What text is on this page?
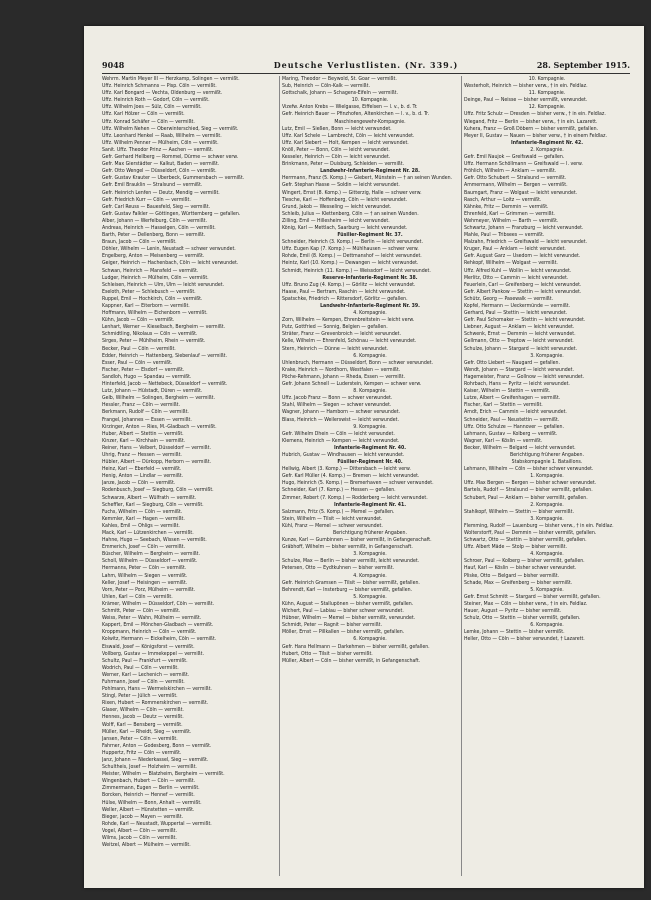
9048	Deutsche Verlustlisten. (Nr. 339.)	28. September 1915.
Wehrm. Martin Meyer III — Herzkamp, Solingen — vermißt.
Uffz. Heinrich Schmanns — Pisp. Cöln — vermißt.
Uffz. Karl Bongard — Vechta, Oldenburg — vermißt.
Uffz. Heinrich Roth — Godorf, Cöln — vermißt.
Uffz. Wilhelm Joes — Sülz, Cöln — vermißt.
Uffz. Karl Hölzer — Cöln — vermißt.
Uffz. Konrad Schäfer — Cöln — vermißt.
Uffz. Wilhelm Nehen — Oberwinterschied, Sieg — vermißt.
Uffz. Leonhard Henkel — Raab, Wilhelm — vermißt.
Uffz. Wilhelm Penner — Mülheim, Cöln — vermißt.
Sanit. Uffz. Theodor Prinz — Aachen — vermißt.
Gefr. Gerhard Hellberg — Rommel, Dürme — schwer verw.
Gefr. Max Gierstädter — Kalkut, Baden — vermißt.
Gefr. Otto Wengel — Düsseldorf, Cöln — vermißt.
Gefr. Gustav Krauter — Überbeck, Gummersbach — vermißt.
Gefr. Emil Brauklin — Stralsund — vermißt.
Gefr. Heinrich Lenfen — Deutz, Mendig — vermißt.
Gefr. Friedrich Kurr — Cöln — vermißt.
Gefr. Carl Reuss — Bauesfeld, Sieg — vermißt.
Gefr. Gustav Falkler — Göttingen, Württemberg — gefallen.
Alber, Johann — Werfelburg, Cöln — vermißt.
Andreas, Heinrich — Hasselgen, Cöln — vermißt.
Barth, Peter — Dellenberg, Bonn — vermißt.
Braun, Jacob — Cöln — vermißt.
Döhler, Wilhelm — Lenin, Neustadt — schwer verwundet.
Engelberg, Anton — Meisenberg — vermißt.
Geiger, Heinrich — Hachenbach, Cöln — leicht verwundet.
Schwan, Heinrich — Mansfeld — vermißt.
Ludger, Heinrich — Mülheim, Cöln — vermißt.
Schleisen, Heinrich — Ulm, Ulm — leicht verwundet.
Eseloth, Peter — Schlebusch — vermißt.
Ruppel, Emil — Hochkirch, Cöln — vermißt.
Kappner, Karl — Eiterborn — vermißt.
Hoffmann, Wilhelm — Eichenborn — vermißt.
Kühn, Jacob — Cöln — vermißt.
Lenhart, Werner — Kieselbach, Bergheim — vermißt.
Schmidtling, Nikolaus — Cöln — vermißt.
Sirges, Peter — Mühlheim, Rhein — vermißt.
Becker, Paul — Cöln — vermißt.
Edder, Heinrich — Hattenberg, Siebenlauf — vermißt.
Esser, Paul — Cöln — vermißt.
Fischer, Peter — Elsdorf — vermißt.
Sandloh, Hugo — Spandau — vermißt.
Hinterfeld, Jacob — Nettebeck, Düsseldorf — vermißt.
Lutz, Johann — Hülstadt, Düren — vermißt.
Gelb, Wilhelm — Solingen, Bergheim — vermißt.
Hessler, Franz — Cöln — vermißt.
Berkmann, Rudolf — Cöln — vermißt.
Frangel, Johannes — Essen — vermißt.
Kirzinger, Anton — Ries, M.-Gladbach — vermißt.
Huber, Albert — Stettin — vermißt.
Kinzer, Karl — Kirchhain — vermißt.
Reiner, Hans — Velbert, Düsseldorf — vermißt.
Uhrig, Franz — Hessen — vermißt.
Hübler, Albert — Dürkopp, Herborn — vermißt.
Heinz, Karl — Eberfeld — vermißt.
Henig, Anton — Lindlar — vermißt.
Janze, Jacob — Cöln — vermißt.
Rodenbusch, Josef — Siegburg, Cöln — vermißt.
Schwarze, Albert — Wülfrath — vermißt.
Scheffler, Karl — Siegburg, Cöln — vermißt.
Fuchs, Wilhelm — Cöln — vermißt.
Kemmler, Karl — Hagen — vermißt.
Kahles, Emil — Ohligs — vermißt.
Mack, Karl — Lützenkirchen — vermißt.
Hahne, Hugo — Seebach, Wissen — vermißt.
Emmerich, Josef — Cöln — vermißt.
Büscher, Wilhelm — Bergheim — vermißt.
Scholl, Wilhelm — Düsseldorf — vermißt.
Hermanns, Peter — Cöln — vermißt.
Lahm, Wilhelm — Siegen — vermißt.
Keller, Josef — Heisingen — vermißt.
Vorn, Peter — Porz, Mülheim — vermißt.
Uhlen, Karl — Cöln — vermißt.
Krämer, Wilhelm — Düsseldorf, Cöln — vermißt.
Schmitt, Peter — Cöln — vermißt.
Weiss, Peter — Wahn, Mülheim — vermißt.
Kappert, Emil — Mönchen-Gladbach — vermißt.
Kroppmann, Heinrich — Cöln — vermißt.
Kolwitz, Hermann — Eickelheim, Cöln — vermißt.
Eiswald, Josef — Königsforst — vermißt.
Vollberg, Gustav — Immekeppel — vermißt.
Schultz, Paul — Frankfurt — vermißt.
Wodrich, Paul — Cöln — vermißt.
Werner, Karl — Lechenich — vermißt.
Fuhrmann, Josef — Cöln — vermißt.
Pohlmann, Hans — Wermelskirchen — vermißt.
Stingl, Peter — Jülich — vermißt.
Rixen, Hubert — Rommerskirchen — vermißt.
Glaser, Wilhelm — Cöln — vermißt.
Hennes, Jacob — Deutz — vermißt.
Wolff, Karl — Bensberg — vermißt.
Müller, Karl — Rheidt, Sieg — vermißt.
Jansen, Peter — Cöln — vermißt.
Fahrner, Anton — Godesberg, Bonn — vermißt.
Huppertz, Fritz — Cöln — vermißt.
Janz, Johann — Niederkassel, Sieg — vermißt.
Schultheis, Josef — Holzheim — vermißt.
Meister, Wilhelm — Blatzheim, Bergheim — vermißt.
Wingenbach, Hubert — Cöln — vermißt.
Zimmermann, Eugen — Berlin — vermißt.
Borcken, Heinrich — Hennef — vermißt.
Hülse, Wilhelm — Bonn, Anhalt — vermißt.
Weller, Albert — Hünstetten — vermißt.
Bieger, Jacob — Mayen — vermißt.
Rohde, Karl — Neustadt, Wuppertal — vermißt.
Vogel, Albert — Cöln — vermißt.
Wilms, Jacob — Cöln — vermißt.
Weitzel, Albert — Mülheim — vermißt.
Maring, Theodor — Beywold, St. Goar — vermißt.
Sub, Heinrich — Cöln-Kalk — vermißt.
Gottschalk, Johann — Schagens-Eifeln — vermißt.
10. Kompagnie.
Vizefw. Anton Krebs — Wielgasse, Eiffelsen — l. v., b. d. Tr.
Gefr. Heinrich Bauer — Pfinzhofen, Altenkirchen — l. v., b. d. Tr.
Maschinengewehr-Kompagnie.
Lutz, Emil — Sießen, Bonn — leicht verwundet.
Uffz. Karl Schele — Lambrecht, Cöln — leicht verwundet.
Uffz. Karl Siebert — Holt, Kempen — leicht verwundet.
Knöll, Peter — Bonn, Cöln — leicht verwundet.
Kesseler, Heinrich — Cöln — leicht verwundet.
Brinkmann, Peter — Duisburg, Schleiden — vermißt.
Landwehr-Infanterie-Regiment Nr. 28.
Herrmann, Franz (5. Komp.) — Giebert, Münstein — † an seinen Wunden.
Gefr. Stephan Hasse — Soldin — leicht verwundet.
Wingert, Ernst (8. Komp.) — Gitterzig, Halle — schwer verw.
Tiesche, Karl — Hoffenberg, Cöln — leicht verwundet.
Grund, Jakob — Wesseling — leicht verwundet.
Schleib, Julius — Klettenberg, Cöln — † an seinen Wunden.
Zilling, Emil — Hillesheim — leicht verwundet.
König, Karl — Mettlach, Saarburg — leicht verwundet.
Füsilier-Regiment Nr. 37.
Schneider, Heinrich (3. Komp.) — Berlin — leicht verwundet.
Uffz. Eugen Kap (7. Komp.) — Mühlhausen — schwer verw.
Rohde, Emil (8. Komp.) — Dettmanshof — leicht verwundet.
Heintz, Karl (10. Komp.) — Dewangen — leicht verwundet.
Schmidt, Heinrich (11. Komp.) — Weissdorf — leicht verwundet.
Reserve-Infanterie-Regiment Nr. 38.
Uffz. Bruno Zug (4. Komp.) — Görlitz — leicht verwundet.
Haase, Paul — Bertram, Raschin — leicht verwundet.
Spatschke, Friedrich — Rittersdorf, Görlitz — gefallen.
Landwehr-Infanterie-Regiment Nr. 39.
4. Kompagnie.
Zorn, Wilhelm — Kempen, Ehrenbreitstein — leicht verw.
Putz, Gottfried — Sonnig, Belgien — gefallen.
Sträter, Franz — Grevenbroich — leicht verwundet.
Kelle, Wilhelm — Ehrenfeld, Schönau — leicht verwundet.
Stern, Heinrich — Dünne — leicht verwundet.
6. Kompagnie.
Uhlenbruch, Hermann — Düsseldorf, Bonn — schwer verwundet.
Krake, Heinrich — Nordhorn, Westfalen — vermißt.
Pöche-Rehmann, Johann — Rheda, Essen — vermißt.
Gefr. Johann Schnell — Luderstein, Kempen — schwer verw.
8. Kompagnie.
Uffz. Jacob Franz — Bonn — schwer verwundet.
Stahl, Wilhelm — Siegen — schwer verwundet.
Wagner, Johann — Hamborn — schwer verwundet.
Blass, Heinrich — Weilerswist — leicht verwundet.
9. Kompagnie.
Gefr. Wilhelm Dhein — Cöln — leicht verwundet.
Klemens, Heinrich — Kempen — leicht verwundet.
Infanterie-Regiment Nr. 40.
Hubrich, Gustav — Windhausen — leicht verwundet.
Füsilier-Regiment Nr. 40.
Hellwig, Albert (3. Komp.) — Dittersbach — leicht verw.
Gefr. Karl Müller (4. Komp.) — Bremen — leicht verwundet.
Hugo, Heinrich (5. Komp.) — Bremerhaven — schwer verwundet.
Schneider, Karl (7. Komp.) — Hessen — gefallen.
Zimmer, Robert (7. Komp.) — Rodderberg — leicht verwundet.
Infanterie-Regiment Nr. 41.
Salzmann, Fritz (5. Komp.) — Memel — gefallen.
Stein, Wilhelm — Tilsit — leicht verwundet.
Kühl, Franz — Memel — schwer verwundet.
Berichtigung früherer Angaben.
Kunze, Karl — Gumbinnen — bisher vermißt, in Gefangenschaft.
Gräbhoff, Wilhelm — bisher vermißt, in Gefangenschaft.
3. Kompagnie.
Schulze, Max — Berlin — bisher vermißt, leicht verwundet.
Petersen, Otto — Eydtkuhnen — bisher vermißt.
4. Kompagnie.
Gefr. Heinrich Gramsen — Tilsit — bisher vermißt, gefallen.
Behrendt, Karl — Insterburg — bisher vermißt, gefallen.
5. Kompagnie.
Kühn, August — Stallupönen — bisher vermißt, gefallen.
Wichert, Paul — Labiau — bisher schwer verwundet.
Hübner, Wilhelm — Memel — bisher vermißt, verwundet.
Schmidt, Peter — Ragnit — bisher vermißt.
Möller, Ernst — Pillkallen — bisher vermißt, gefallen.
6. Kompagnie.
Gefr. Hans Hellmann — Darkehmen — bisher vermißt, gefallen.
Hubert, Otto — Tilsit — bisher vermißt.
Müller, Albert — Cöln — bisher vermißt, in Gefangenschaft.
10. Kompagnie.
Westerholt, Heinrich — bisher verw., † in ein. Feldlaz.
11. Kompagnie.
Deinge, Paul — Neisse — bisher vermißt, verwundet.
12. Kompagnie.
Uffz. Fritz Schulz — Dresden — bisher verw., † in ein. Feldlaz.
Wiegand, Fritz — Berlin — bisher verw., † in ein. Lazarett.
Kuhera, Franz — Groß Döbern — bisher vermißt, gefallen.
Meyer II, Gustav — Nauen — bisher verw., † in einem Feldlaz.
Infanterie-Regiment Nr. 42.
2. Kompagnie.
Gefr. Emil Naujok — Greifswald — gefallen.
Uffz. Hermann Schöllmann — Greifswald — l. verw.
Fröhlich, Wilhelm — Anklam — vermißt.
Gefr. Otto Schubert — Stralsund — vermißt.
Ammermann, Wilhelm — Bergen — vermißt.
Baumgart, Franz — Wolgast — leicht verwundet.
Rasch, Arthur — Loitz — vermißt.
Kähnke, Fritz — Demmin — vermißt.
Ehrenfeld, Karl — Grimmen — vermißt.
Wehmeyer, Wilhelm — Barth — vermißt.
Schwartz, Johann — Franzburg — leicht verwundet.
Mahle, Paul — Tribsees — vermißt.
Malzahn, Friedrich — Greifswald — leicht verwundet.
Kruger, Paul — Anklam — leicht verwundet.
Gefr. August Garz — Usedom — leicht verwundet.
Rehkopf, Wilhelm — Wolgast — vermißt.
Uffz. Alfred Kuhl — Wollin — leicht verwundet.
Merlitz, Otto — Cammin — leicht verwundet.
Feuerlein, Carl — Greifenberg — leicht verwundet.
Gefr. Albert Pankow — Stettin — leicht verwundet.
Schütz, Georg — Pasewalk — vermißt.
Kopfel, Hermann — Ueckermünde — vermißt.
Gerhard, Paul — Stettin — leicht verwundet.
Gefr. Paul Schomaker — Stettin — leicht verwundet.
Liebner, August — Anklam — leicht verwundet.
Schwenk, Ernst — Demmin — leicht verwundet.
Gellmann, Otto — Treptow — leicht verwundet.
Schulze, Johann — Stargard — leicht verwundet.
3. Kompagnie.
Gefr. Otto Liebert — Naugard — gefallen.
Wendt, Johann — Stargard — leicht verwundet.
Hagemeister, Franz — Gollnow — leicht verwundet.
Rohrbach, Hans — Pyritz — leicht verwundet.
Kaiser, Wilhelm — Stettin — vermißt.
Lutze, Albert — Greifenhagen — vermißt.
Fischer, Karl — Stettin — vermißt.
Arndt, Erich — Cammin — leicht verwundet.
Schneider, Paul — Neustettin — vermißt.
Uffz. Otto Schulze — Hannover — gefallen.
Lehmann, Gustav — Kolberg — vermißt.
Wagner, Karl — Köslin — vermißt.
Becker, Wilhelm — Belgard — leicht verwundet.
Berichtigung früherer Angaben.
Stabskompagnie 1. Bataillons.
Lehmann, Wilhelm — Cöln — bisher schwer verwundet.
1. Kompagnie.
Uffz. Max Bergen — Bergen — bisher schwer verwundet.
Bartels, Rudolf — Stralsund — bisher vermißt, gefallen.
Schubert, Paul — Anklam — bisher vermißt, gefallen.
2. Kompagnie.
Stahlkopf, Wilhelm — Stettin — bisher vermißt.
3. Kompagnie.
Flemming, Rudolf — Lauenburg — bisher verw., † in ein. Feldlaz.
Wolterstorff, Paul — Demmin — bisher vermißt, gefallen.
Schwartz, Otto — Stettin — bisher vermißt, gefallen.
Uffz. Albert Mäde — Stolp — bisher vermißt.
4. Kompagnie.
Schroer, Paul — Kolberg — bisher vermißt, gefallen.
Hauf, Karl — Köslin — bisher schwer verwundet.
Pliske, Otto — Belgard — bisher vermißt.
Schade, Max — Greifenberg — bisher vermißt.
5. Kompagnie.
Gefr. Ernst Schmitt — Stargard — bisher vermißt, gefallen.
Steiner, Max — Cöln — bisher verw., † in ein. Feldlaz.
Hauer, August — Pyritz — bisher vermißt.
Schulz, Otto — Stettin — bisher vermißt, gefallen.
6. Kompagnie.
Lemke, Johann — Stettin — bisher vermißt.
Heller, Otto — Cöln — bisher verwundet, † Lazarett.
